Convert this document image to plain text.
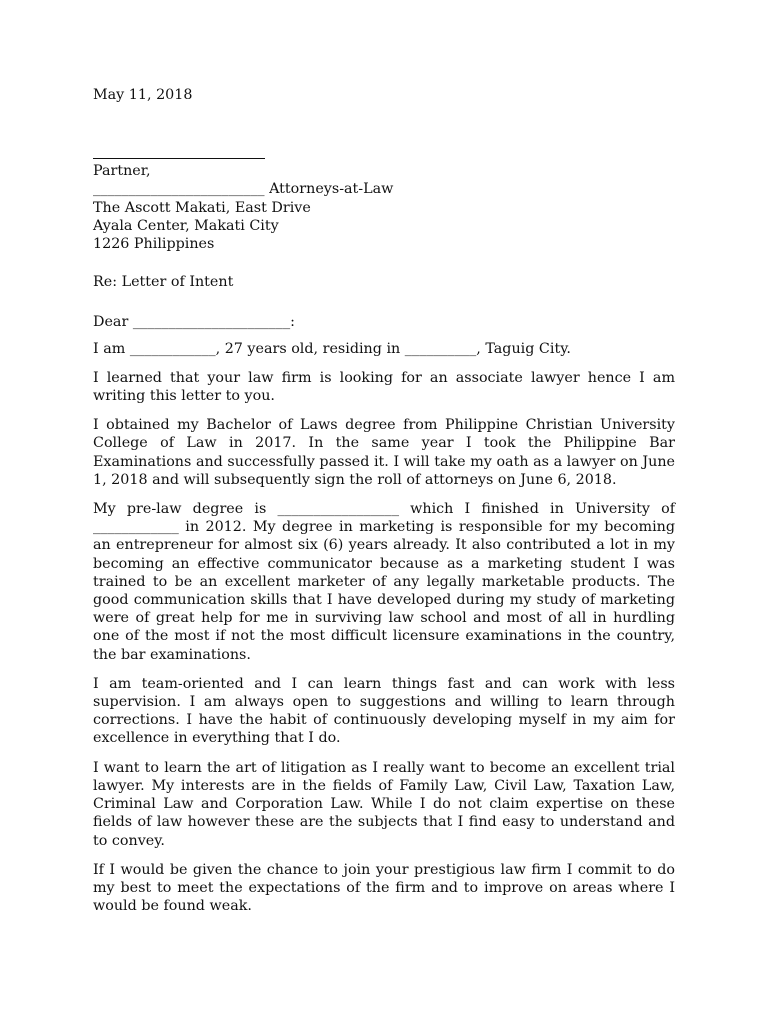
May 11, 2018
Partner,
________________________ Attorneys-at-Law
The Ascott Makati, East Drive
Ayala Center, Makati City
1226 Philippines
Re: Letter of Intent
Dear ______________________:

I am ____________, 27 years old, residing in __________, Taguig City.

I learned that your law firm is looking for an associate lawyer hence I am writing this letter to you.

I obtained my Bachelor of Laws degree from Philippine Christian University College of Law in 2017. In the same year I took the Philippine Bar Examinations and successfully passed it. I will take my oath as a lawyer on June 1, 2018 and will subsequently sign the roll of attorneys on June 6, 2018.

My pre-law degree is _________________ which I finished in University of ____________ in 2012. My degree in marketing is responsible for my becoming an entrepreneur for almost six (6) years already. It also contributed a lot in my becoming an effective communicator because as a marketing student I was trained to be an excellent marketer of any legally marketable products. The good communication skills that I have developed during my study of marketing were of great help for me in surviving law school and most of all in hurdling one of the most if not the most difficult licensure examinations in the country, the bar examinations.

I am team-oriented and I can learn things fast and can work with less supervision. I am always open to suggestions and willing to learn through corrections. I have the habit of continuously developing myself in my aim for excellence in everything that I do.

I want to learn the art of litigation as I really want to become an excellent trial lawyer. My interests are in the fields of Family Law, Civil Law, Taxation Law, Criminal Law and Corporation Law. While I do not claim expertise on these fields of law however these are the subjects that I find easy to understand and to convey.

If I would be given the chance to join your prestigious law firm I commit to do my best to meet the expectations of the firm and to improve on areas where I would be found weak.
